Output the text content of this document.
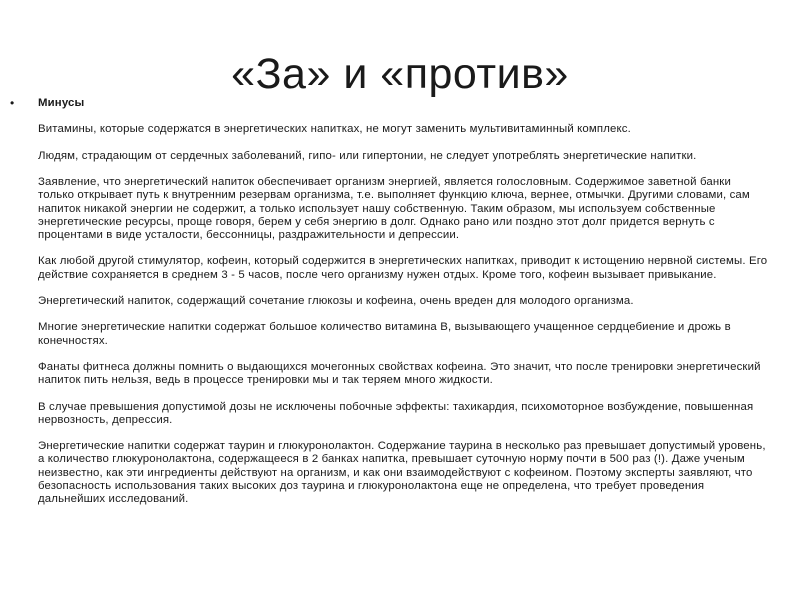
«За» и «против»
•	Минусы

Витамины, которые содержатся в энергетических напитках, не могут заменить мультивитаминный комплекс.

Людям, страдающим от сердечных заболеваний, гипо- или гипертонии, не следует употреблять энергетические напитки.

Заявление, что энергетический напиток обеспечивает организм энергией, является голословным. Содержимое заветной банки только открывает путь к внутренним резервам организма, т.е. выполняет функцию ключа, вернее, отмычки. Другими словами, сам напиток никакой энергии не содержит, а только использует нашу собственную. Таким образом, мы используем собственные энергетические ресурсы, проще говоря, берем у себя энергию в долг. Однако рано или поздно этот долг придется вернуть с процентами в виде усталости, бессонницы, раздражительности и депрессии.

Как любой другой стимулятор, кофеин, который содержится в энергетических напитках, приводит к истощению нервной системы. Его действие сохраняется в среднем 3 - 5 часов, после чего организму нужен отдых. Кроме того, кофеин вызывает привыкание.

Энергетический напиток, содержащий сочетание глюкозы и кофеина, очень вреден для молодого организма.

Многие энергетические напитки содержат большое количество витамина В, вызывающего учащенное сердцебиение и дрожь в конечностях.

Фанаты фитнеса должны помнить о выдающихся мочегонных свойствах кофеина. Это значит, что после тренировки энергетический напиток пить нельзя, ведь в процессе тренировки мы и так теряем много жидкости.

В случае превышения допустимой дозы не исключены побочные эффекты: тахикардия, психомоторное возбуждение, повышенная нервозность, депрессия.

Энергетические напитки содержат таурин и глюкуронолактон. Содержание таурина в несколько раз превышает допустимый уровень, а количество глюкуронолактона, содержащееся в 2 банках напитка, превышает суточную норму почти в 500 раз (!). Даже ученым неизвестно, как эти ингредиенты действуют на организм, и как они взаимодействуют с кофеином. Поэтому эксперты заявляют, что безопасность использования таких высоких доз таурина и глюкуронолактона еще не определена, что требует проведения дальнейших исследований.
